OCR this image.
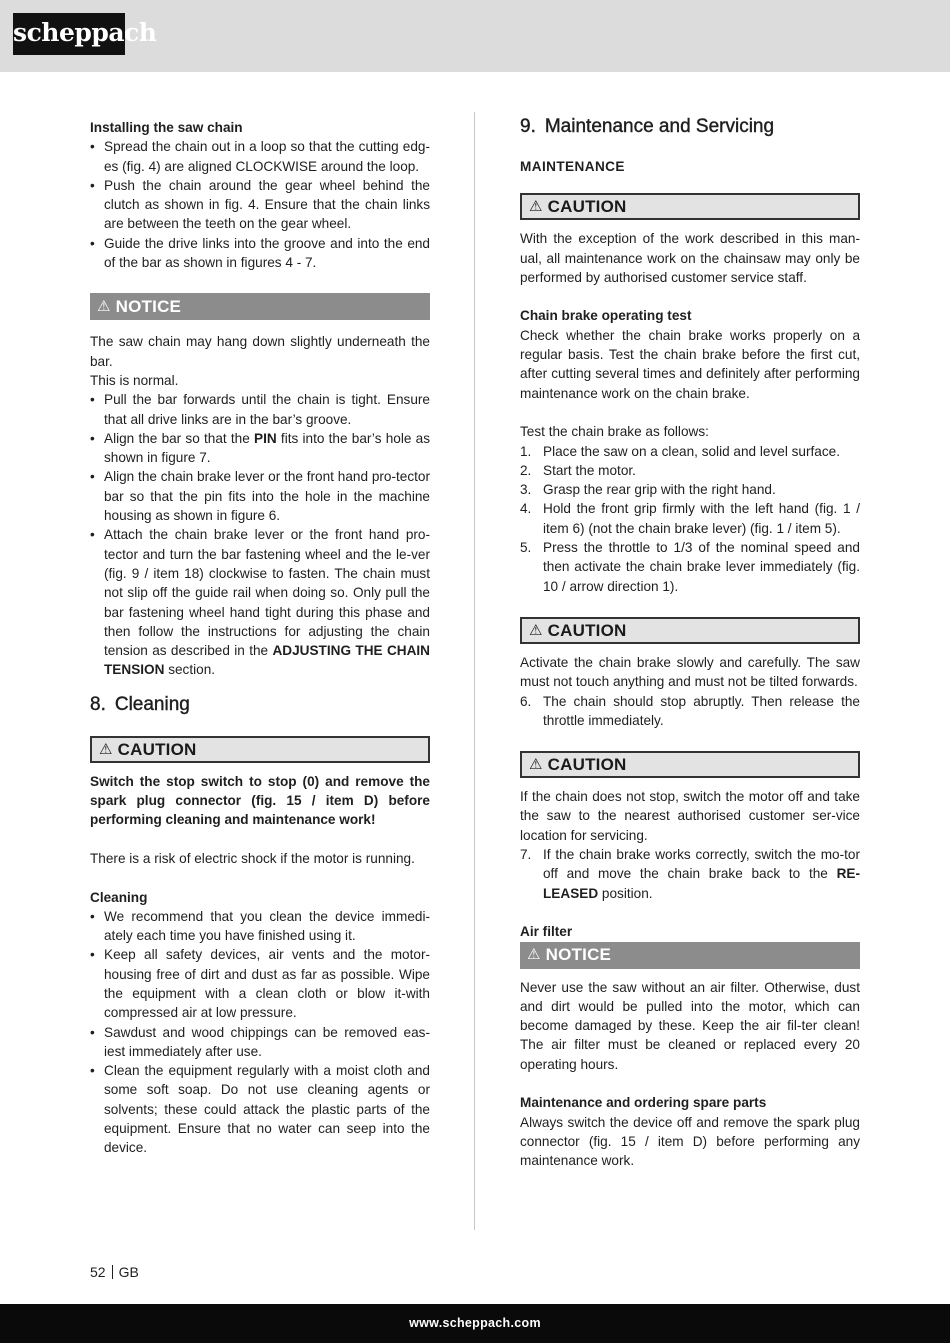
scheppach
Installing the saw chain
• Spread the chain out in a loop so that the cutting edg-es (fig. 4) are aligned CLOCKWISE around the loop.
• Push the chain around the gear wheel behind the clutch as shown in fig. 4. Ensure that the chain links are between the teeth on the gear wheel.
• Guide the drive links into the groove and into the end of the bar as shown in figures 4 - 7.
⚠ NOTICE
The saw chain may hang down slightly underneath the bar.
This is normal.
• Pull the bar forwards until the chain is tight. Ensure that all drive links are in the bar’s groove.
• Align the bar so that the PIN fits into the bar’s hole as shown in figure 7.
• Align the chain brake lever or the front hand pro-tector bar so that the pin fits into the hole in the machine housing as shown in figure 6.
• Attach the chain brake lever or the front hand pro-tector and turn the bar fastening wheel and the le-ver (fig. 9 / item 18) clockwise to fasten. The chain must not slip off the guide rail when doing so. Only pull the bar fastening wheel hand tight during this phase and then follow the instructions for adjusting the chain tension as described in the ADJUSTING THE CHAIN TENSION section.
8. Cleaning
⚠ CAUTION
Switch the stop switch to stop (0) and remove the spark plug connector (fig. 15 / item D) before performing cleaning and maintenance work!
There is a risk of electric shock if the motor is running.
Cleaning
• We recommend that you clean the device immedi-ately each time you have finished using it.
• Keep all safety devices, air vents and the motor-housing free of dirt and dust as far as possible. Wipe the equipment with a clean cloth or blow it-with compressed air at low pressure.
• Sawdust and wood chippings can be removed eas-iest immediately after use.
• Clean the equipment regularly with a moist cloth and some soft soap. Do not use cleaning agents or solvents; these could attack the plastic parts of the equipment. Ensure that no water can seep into the device.
9. Maintenance and Servicing
MAINTENANCE
⚠ CAUTION
With the exception of the work described in this man-ual, all maintenance work on the chainsaw may only be performed by authorised customer service staff.
Chain brake operating test
Check whether the chain brake works properly on a regular basis. Test the chain brake before the first cut, after cutting several times and definitely after performing maintenance work on the chain brake.
Test the chain brake as follows:
1. Place the saw on a clean, solid and level surface.
2. Start the motor.
3. Grasp the rear grip with the right hand.
4. Hold the front grip firmly with the left hand (fig. 1 / item 6) (not the chain brake lever) (fig. 1 / item 5).
5. Press the throttle to 1/3 of the nominal speed and then activate the chain brake lever immediately (fig. 10 / arrow direction 1).
⚠ CAUTION
Activate the chain brake slowly and carefully. The saw must not touch anything and must not be tilted forwards.
6. The chain should stop abruptly. Then release the throttle immediately.
⚠ CAUTION
If the chain does not stop, switch the motor off and take the saw to the nearest authorised customer ser-vice location for servicing.
7. If the chain brake works correctly, switch the mo-tor off and move the chain brake back to the RE-LEASED position.
Air filter
⚠ NOTICE
Never use the saw without an air filter. Otherwise, dust and dirt would be pulled into the motor, which can become damaged by these. Keep the air fil-ter clean! The air filter must be cleaned or replaced every 20 operating hours.
Maintenance and ordering spare parts
Always switch the device off and remove the spark plug connector (fig. 15 / item D) before performing any maintenance work.
52 GB
www.scheppach.com
